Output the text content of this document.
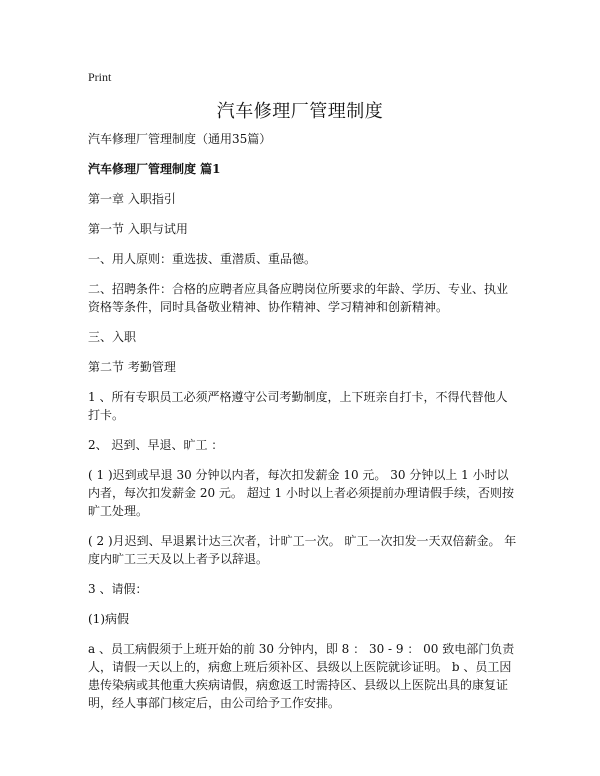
Print
汽车修理厂管理制度

汽车修理厂管理制度（通用35篇）

汽车修理厂管理制度 篇1

第一章 入职指引

第一节 入职与试用

一、用人原则：重选拔、重潜质、重品德。

二、招聘条件：合格的应聘者应具备应聘岗位所要求的年龄、学历、专业、执业资格等条件，同时具备敬业精神、协作精神、学习精神和创新精神。

三、入职

第二节 考勤管理

1 、所有专职员工必须严格遵守公司考勤制度，上下班亲自打卡，不得代替他人打卡。

2、 迟到、早退、旷工 ：

( 1 )迟到或早退 30 分钟以内者，每次扣发薪金 10 元。 30 分钟以上 1 小时以内者，每次扣发薪金 20 元。 超过 1 小时以上者必须提前办理请假手续，否则按旷工处理。

( 2 )月迟到、早退累计达三次者，计旷工一次。 旷工一次扣发一天双倍薪金。 年度内旷工三天及以上者予以辞退。

3 、请假：

(1)病假

a 、员工病假须于上班开始的前 30 分钟内，即 8 ： 30 - 9 ： 00 致电部门负责人，请假一天以上的，病愈上班后须补区、县级以上医院就诊证明。 b 、员工因患传染病或其他重大疾病请假，病愈返工时需持区、县级以上医院出具的康复证明，经人事部门核定后，由公司给予工作安排。
